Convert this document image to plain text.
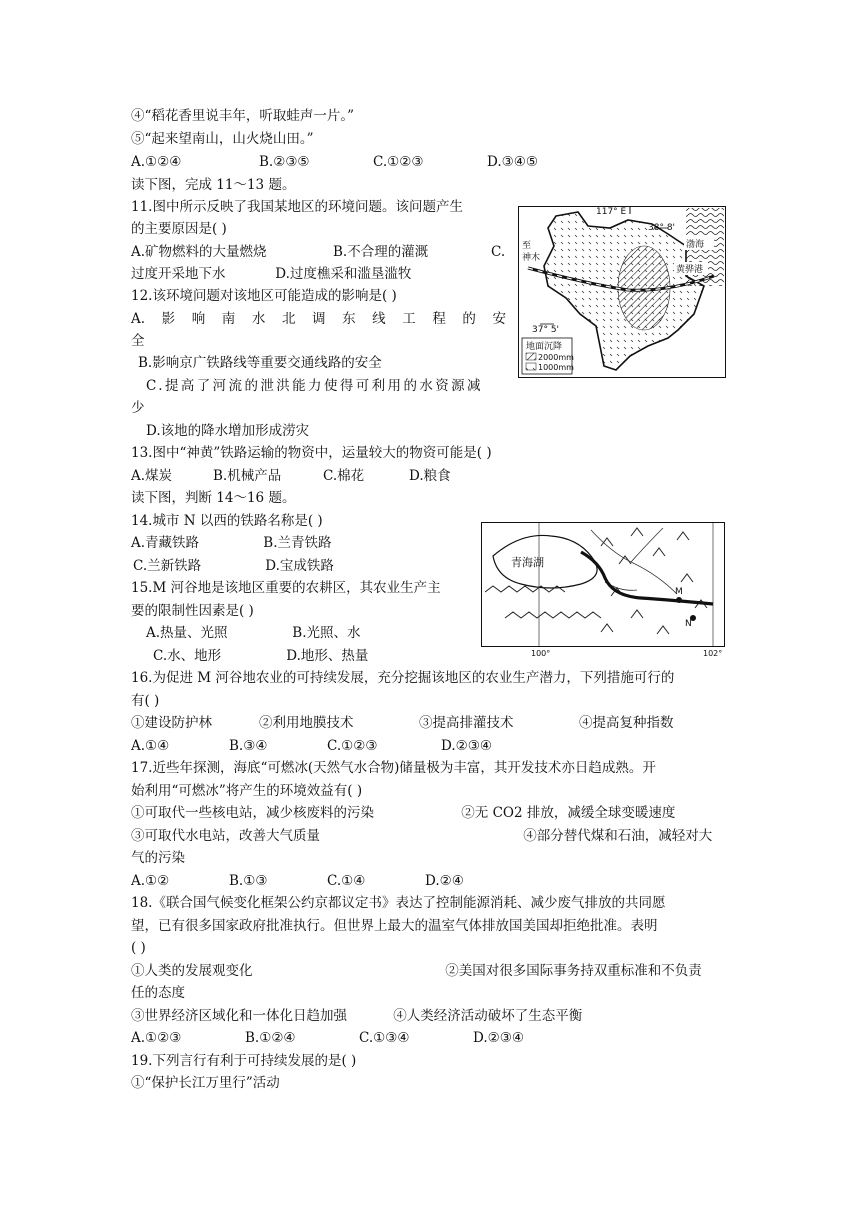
④“稻花香里说丰年，听取蛙声一片。”
⑤“起来望南山，山火烧山田。”
A.①②④	B.②③⑤	C.①②③	D.③④⑤
读下图，完成 11～13 题。
11.图中所示反映了我国某地区的环境问题。该问题产生
的主要原因是( )
A.矿物燃料的大量燃烧	B.不合理的灌溉	C.
过度开采地下水	D.过度樵采和滥垦滥牧
12.该环境问题对该地区可能造成的影响是( )
A. 影 响 南 水 北 调 东 线 工 程 的 安
全
B.影响京广铁路线等重要交通线路的安全
C.提高了河流的泄洪能力使得可利用的水资源减
少
D.该地的降水增加形成涝灾
13.图中“神黄”铁路运输的物资中，运量较大的物资可能是( )
A.煤炭	B.机械产品	C.棉花	D.粮食
读下图，判断 14～16 题。
14.城市 N 以西的铁路名称是( )
A.青藏铁路	B.兰青铁路
C.兰新铁路	D.宝成铁路
15.M 河谷地是该地区重要的农耕区，其农业生产主
要的限制性因素是( )
A.热量、光照	B.光照、水
C.水、地形	D.地形、热量
16.为促进 M 河谷地农业的可持续发展，充分挖掘该地区的农业生产潜力，下列措施可行的
有( )
①建设防护林	②利用地膜技术	③提高排灌技术	④提高复种指数
A.①④	B.③④	C.①②③	D.②③④
17.近些年探测，海底“可燃冰(天然气水合物)储量极为丰富，其开发技术亦日趋成熟。开
始利用“可燃冰”将产生的环境效益有( )
①可取代一些核电站，减少核废料的污染	②无 CO2 排放，减缓全球变暖速度
③可取代水电站，改善大气质量	④部分替代煤和石油，减轻对大
气的污染
A.①②	B.①③	C.①④	D.②④
18.《联合国气候变化框架公约京都议定书》表达了控制能源消耗、减少废气排放的共同愿
望，已有很多国家政府批准执行。但世界上最大的温室气体排放国美国却拒绝批准。表明
( )
①人类的发展观变化	②美国对很多国际事务持双重标准和不负责
任的态度
③世界经济区域化和一体化日趋加强	④人类经济活动破坏了生态平衡
A.①②③	B.①②④	C.①③④	D.②③④
19.下列言行有利于可持续发展的是( )
①“保护长江万里行”活动
117° E
38° 8'
37° 5'
渤海
黄骅港
至
神木
地面沉降
2000mm
1000mm
青海湖
M
N
100°	102°
